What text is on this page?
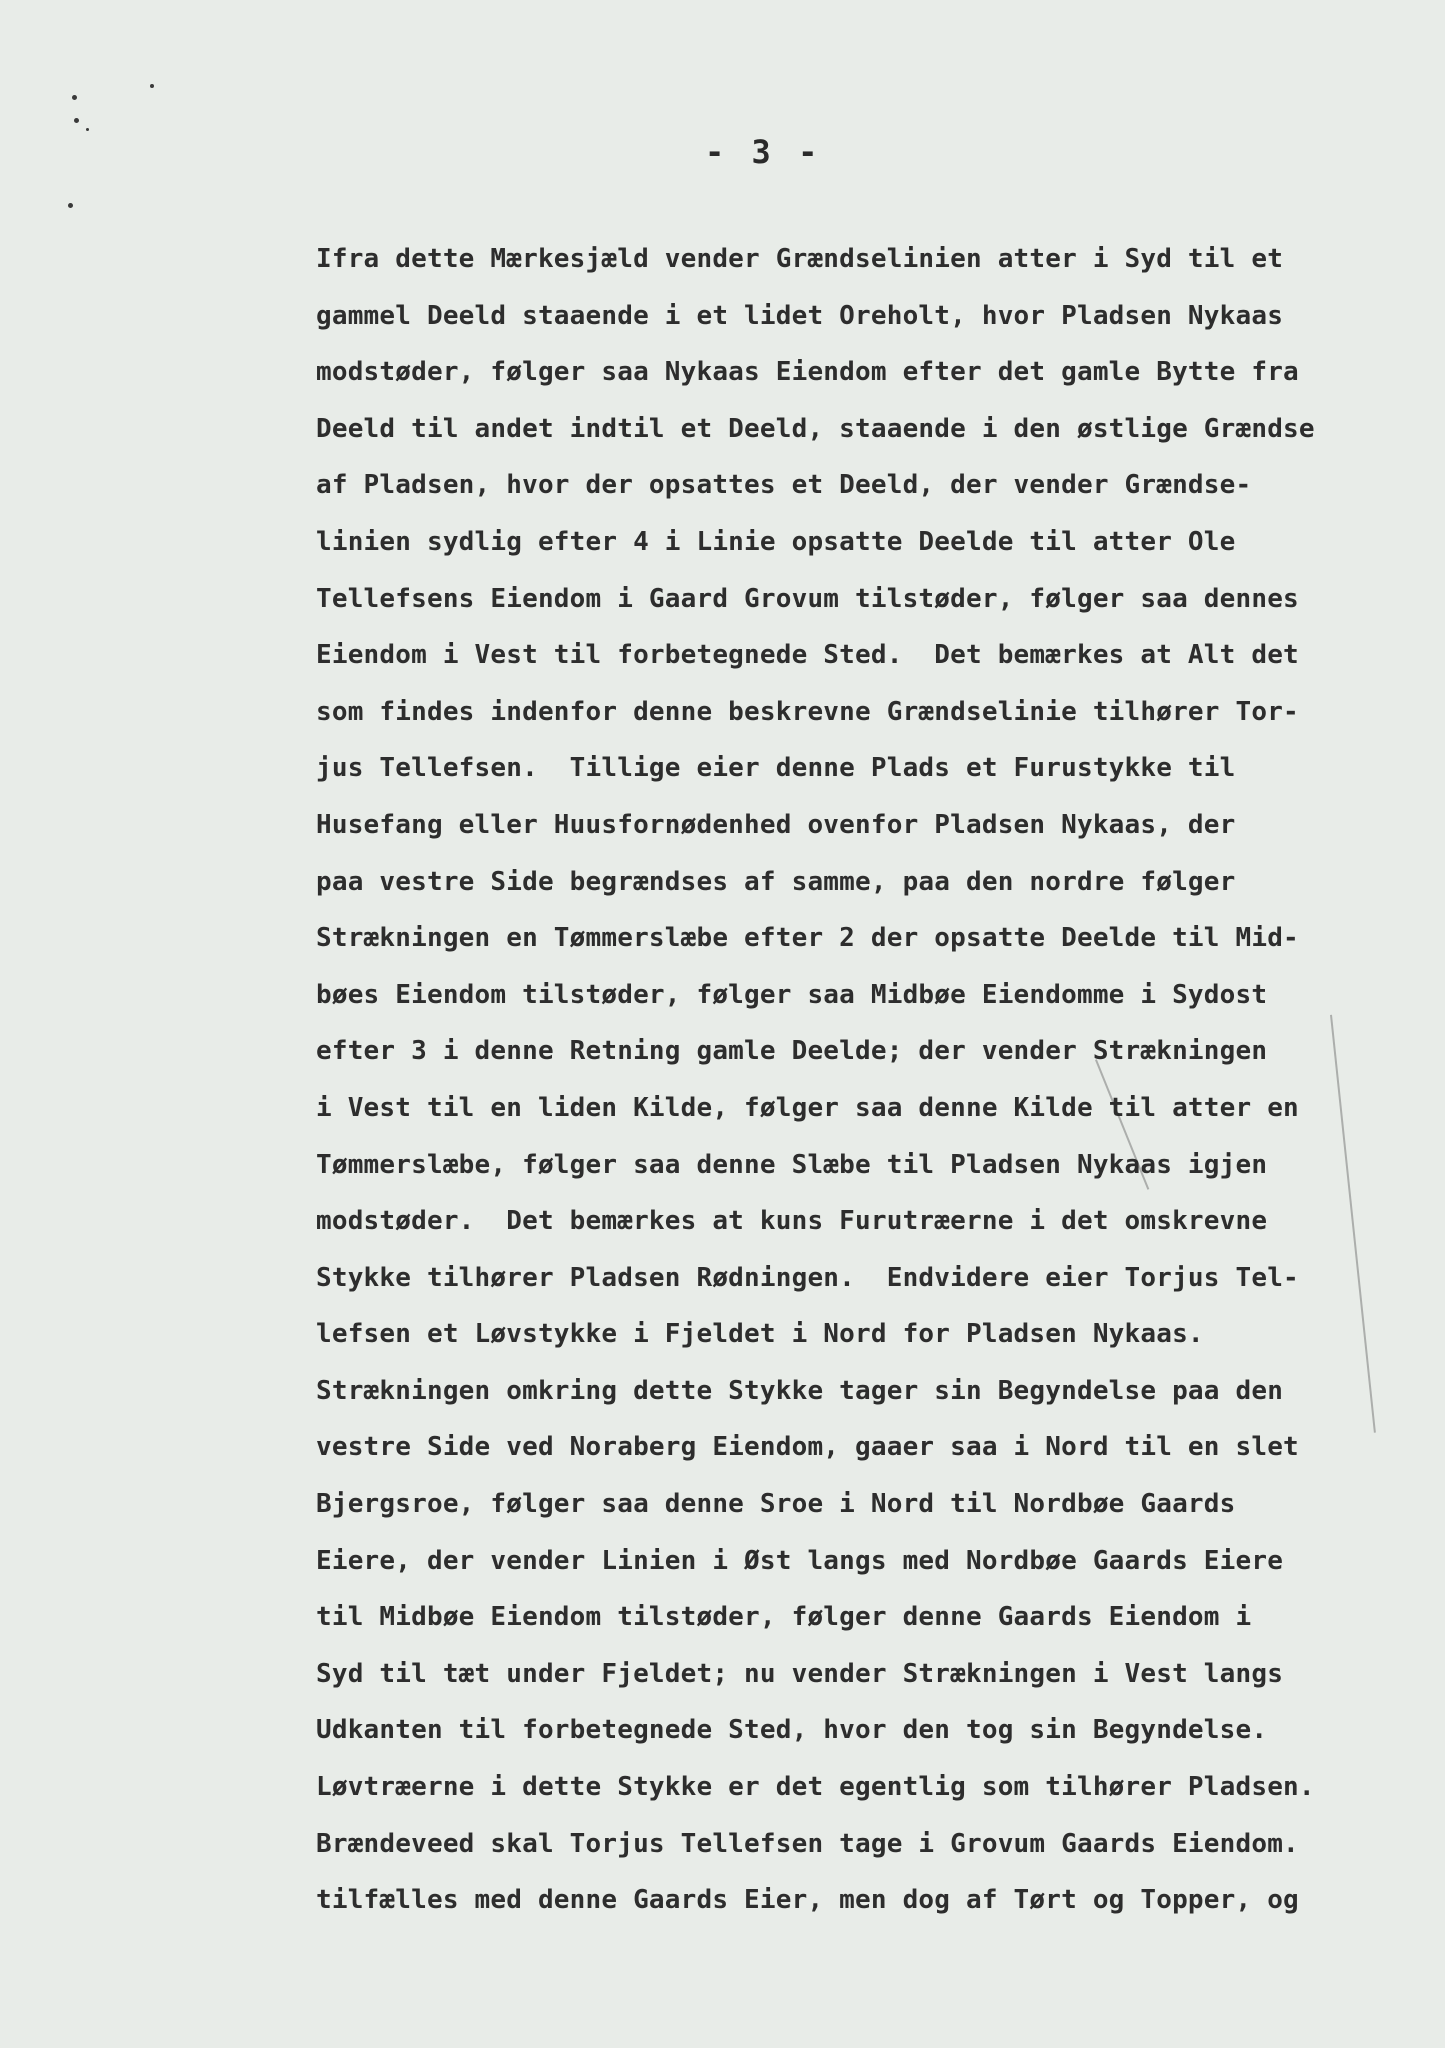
- 3 -
Ifra dette Mærkesjæld vender Grændselinien atter i Syd til et
gammel Deeld staaende i et lidet Oreholt, hvor Pladsen Nykaas
modstøder, følger saa Nykaas Eiendom efter det gamle Bytte fra
Deeld til andet indtil et Deeld, staaende i den østlige Grændse
af Pladsen, hvor der opsattes et Deeld, der vender Grændse-
linien sydlig efter 4 i Linie opsatte Deelde til atter Ole
Tellefsens Eiendom i Gaard Grovum tilstøder, følger saa dennes
Eiendom i Vest til forbetegnede Sted.  Det bemærkes at Alt det
som findes indenfor denne beskrevne Grændselinie tilhører Tor-
jus Tellefsen.  Tillige eier denne Plads et Furustykke til
Husefang eller Huusfornødenhed ovenfor Pladsen Nykaas, der
paa vestre Side begrændses af samme, paa den nordre følger
Strækningen en Tømmerslæbe efter 2 der opsatte Deelde til Mid-
bøes Eiendom tilstøder, følger saa Midbøe Eiendomme i Sydost
efter 3 i denne Retning gamle Deelde; der vender Strækningen
i Vest til en liden Kilde, følger saa denne Kilde til atter en
Tømmerslæbe, følger saa denne Slæbe til Pladsen Nykaas igjen
modstøder.  Det bemærkes at kuns Furutræerne i det omskrevne
Stykke tilhører Pladsen Rødningen.  Endvidere eier Torjus Tel-
lefsen et Løvstykke i Fjeldet i Nord for Pladsen Nykaas.
Strækningen omkring dette Stykke tager sin Begyndelse paa den
vestre Side ved Noraberg Eiendom, gaaer saa i Nord til en slet
Bjergsroe, følger saa denne Sroe i Nord til Nordbøe Gaards
Eiere, der vender Linien i Øst langs med Nordbøe Gaards Eiere
til Midbøe Eiendom tilstøder, følger denne Gaards Eiendom i
Syd til tæt under Fjeldet; nu vender Strækningen i Vest langs
Udkanten til forbetegnede Sted, hvor den tog sin Begyndelse.
Løvtræerne i dette Stykke er det egentlig som tilhører Pladsen.
Brændeveed skal Torjus Tellefsen tage i Grovum Gaards Eiendom.
tilfælles med denne Gaards Eier, men dog af Tørt og Topper, og
